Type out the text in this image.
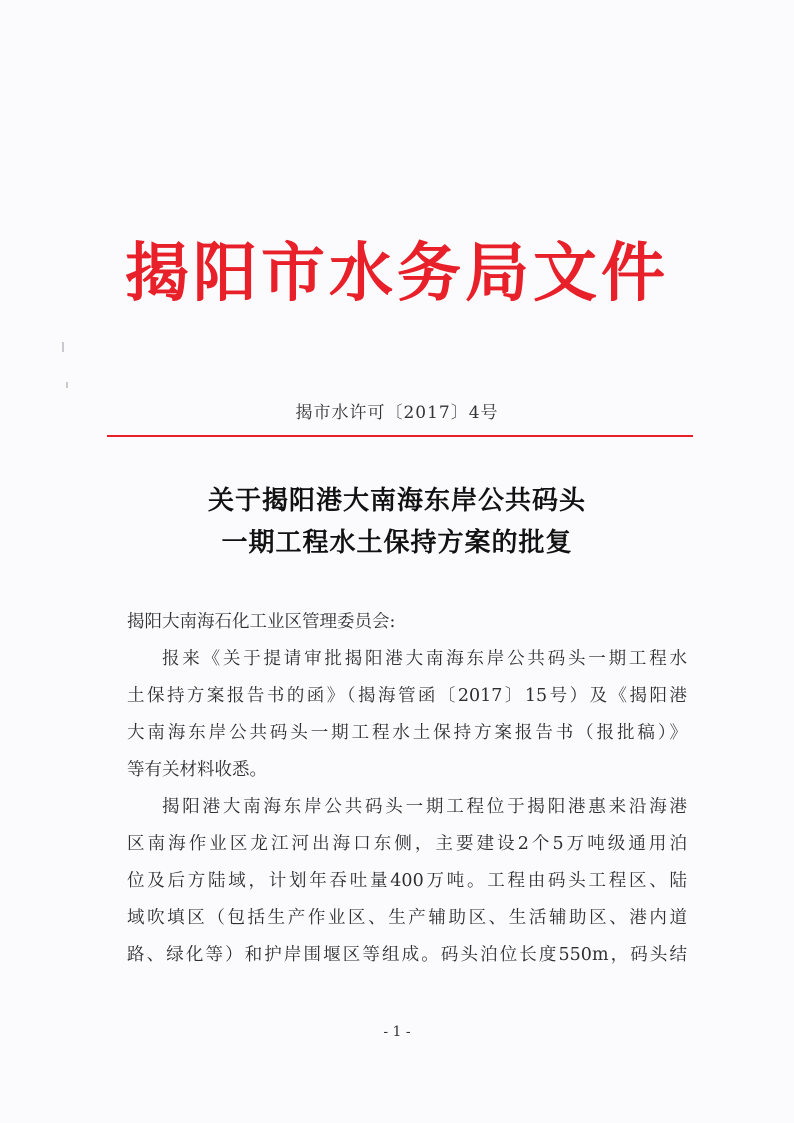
揭阳市水务局文件
揭市水许可〔2017〕4号
关于揭阳港大南海东岸公共码头
一期工程水土保持方案的批复

揭阳大南海石化工业区管理委员会:

报来《关于提请审批揭阳港大南海东岸公共码头一期工程水

土保持方案报告书的函》（揭海管函〔2017〕15号）及《揭阳港

大南海东岸公共码头一期工程水土保持方案报告书（报批稿）》

等有关材料收悉。

揭阳港大南海东岸公共码头一期工程位于揭阳港惠来沿海港

区南海作业区龙江河出海口东侧，主要建设2个5万吨级通用泊

位及后方陆域，计划年吞吐量400万吨。工程由码头工程区、陆

域吹填区（包括生产作业区、生产辅助区、生活辅助区、港内道

路、绿化等）和护岸围堰区等组成。码头泊位长度550m，码头结

- 1 -
